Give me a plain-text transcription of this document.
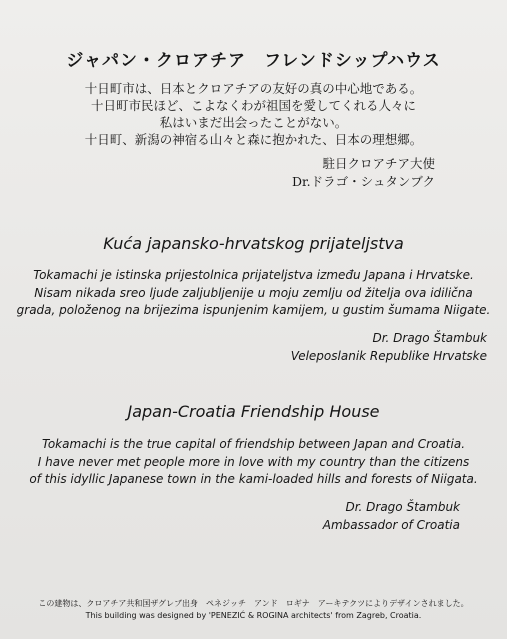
ジャパン・クロアチア　フレンドシップハウス
十日町市は、日本とクロアチアの友好の真の中心地である。
十日町市民ほど、こよなくわが祖国を愛してくれる人々に
私はいまだ出会ったことがない。
十日町、新潟の神宿る山々と森に抱かれた、日本の理想郷。
駐日クロアチア大使
Dr.ドラゴ・シュタンブク
Kuća japansko-hrvatskog prijateljstva
Tokamachi je istinska prijestolnica prijateljstva između Japana i Hrvatske.
Nisam nikada sreo ljude zaljubljenije u moju zemlju od žitelja ova idilična
grada, položenog na brijezima ispunjenim kamijem, u gustim šumama Niigate.
Dr. Drago Štambuk
Veleposlanik Republike Hrvatske
Japan-Croatia Friendship House
Tokamachi is the true capital of friendship between Japan and Croatia.
I have never met people more in love with my country than the citizens
of this idyllic Japanese town in the kami-loaded hills and forests of Niigata.
Dr. Drago Štambuk
Ambassador of Croatia
この建物は、クロアチア共和国ザグレブ出身　ペネジッチ　アンド　ロギナ　アーキテクツによりデザインされました。
This building was designed by 'PENEZIĆ & ROGINA architects' from Zagreb, Croatia.
